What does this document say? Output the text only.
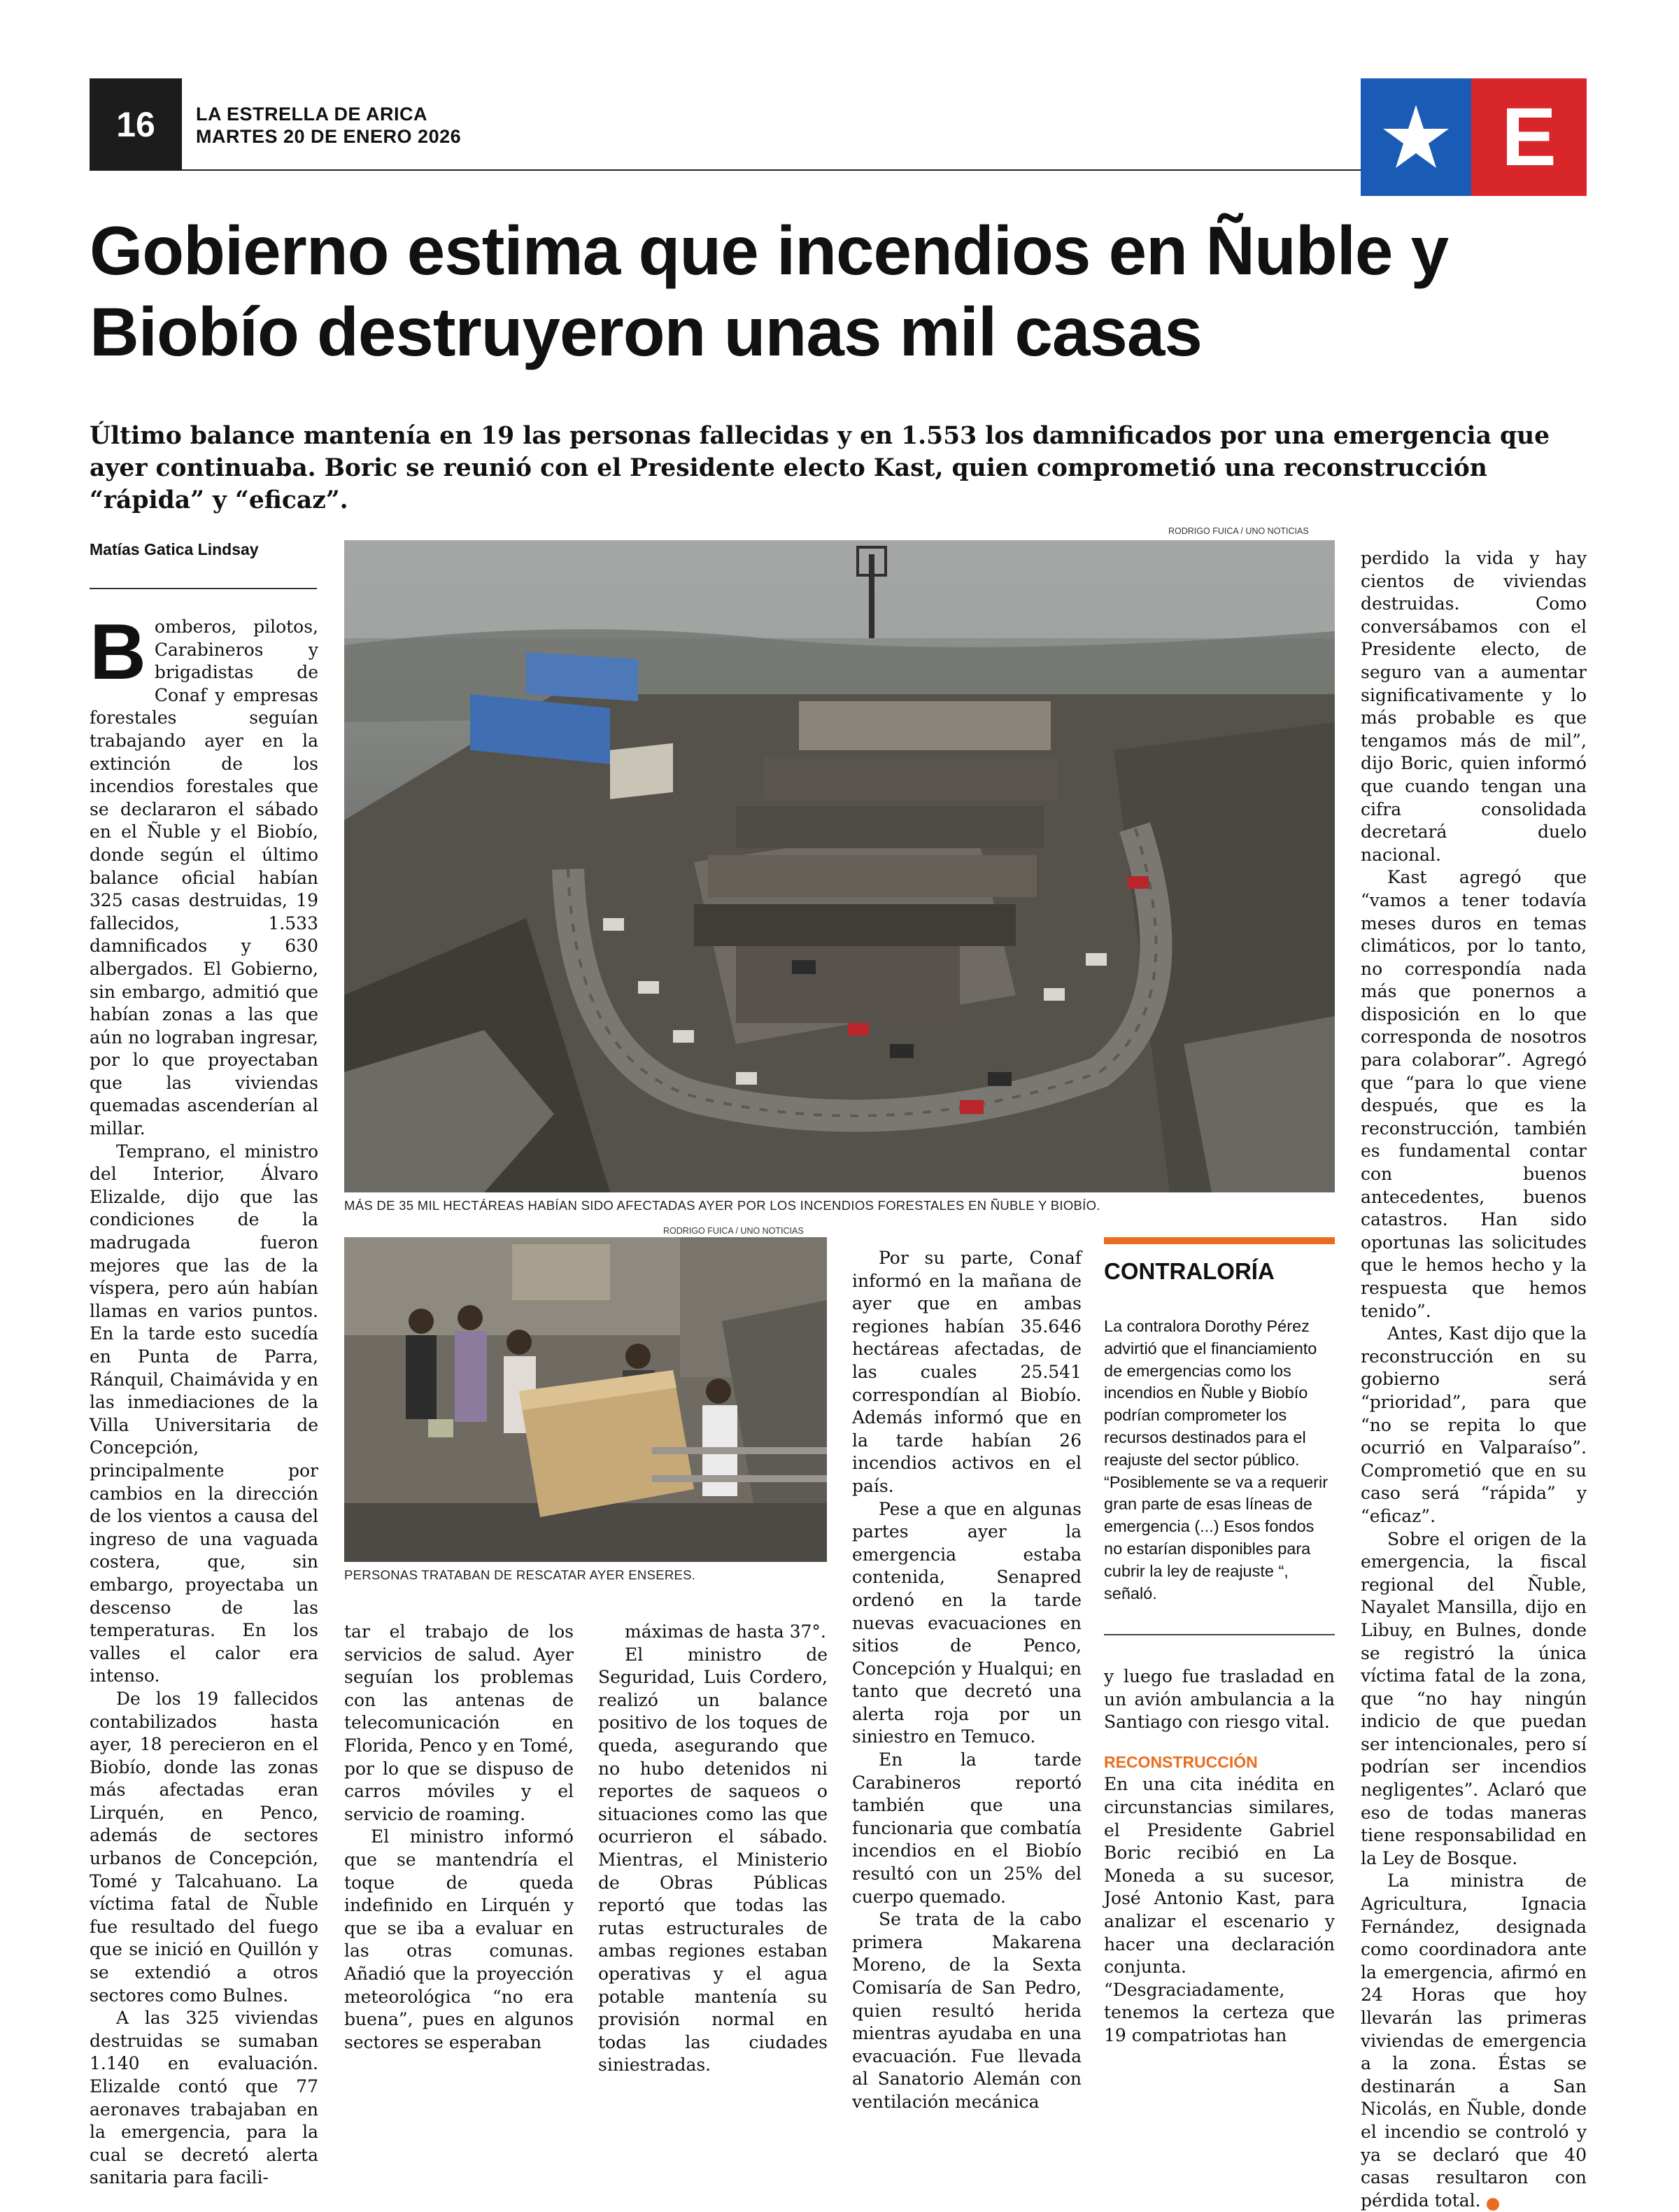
16	LA ESTRELLA DE ARICA
MARTES 20 DE ENERO 2026	E
Gobierno estima que incendios en Ñuble y Biobío destruyeron unas mil casas
Último balance mantenía en 19 las personas fallecidas y en 1.553 los damnificados por una emergencia que ayer continuaba. Boric se reunió con el Presidente electo Kast, quien comprometió una reconstrucción “rápida” y “eficaz”.
Matías Gatica Lindsay
RODRIGO FUICA / UNO NOTICIAS
MÁS DE 35 MIL HECTÁREAS HABÍAN SIDO AFECTADAS AYER POR LOS INCENDIOS FORESTALES EN ÑUBLE Y BIOBÍO.
RODRIGO FUICA / UNO NOTICIAS
PERSONAS TRATABAN DE RESCATAR AYER ENSERES.

Bomberos, pilotos, Carabineros y brigadistas de Conaf y empresas forestales seguían trabajando ayer en la extinción de los incendios forestales que se declararon el sábado en el Ñuble y el Biobío, donde según el último balance oficial habían 325 casas destruidas, 19 fallecidos, 1.533 damnificados y 630 albergados. El Gobierno, sin embargo, admitió que habían zonas a las que aún no lograban ingresar, por lo que proyectaban que las viviendas quemadas ascenderían al millar.

Temprano, el ministro del Interior, Álvaro Elizalde, dijo que las condiciones de la madrugada fueron mejores que las de la víspera, pero aún habían llamas en varios puntos. En la tarde esto sucedía en Punta de Parra, Ránquil, Chaimávida y en las inmediaciones de la Villa Universitaria de Concepción, principalmente por cambios en la dirección de los vientos a causa del ingreso de una vaguada costera, que, sin embargo, proyectaba un descenso de las temperaturas. En los valles el calor era intenso.

De los 19 fallecidos contabilizados hasta ayer, 18 perecieron en el Biobío, donde las zonas más afectadas eran Lirquén, en Penco, además de sectores urbanos de Concepción, Tomé y Talcahuano. La víctima fatal de Ñuble fue resultado del fuego que se inició en Quillón y se extendió a otros sectores como Bulnes.

A las 325 viviendas destruidas se sumaban 1.140 en evaluación. Elizalde contó que 77 aeronaves trabajaban en la emergencia, para la cual se decretó alerta sanitaria para facili-

tar el trabajo de los servicios de salud. Ayer seguían los problemas con las antenas de telecomunicación en Florida, Penco y en Tomé, por lo que se dispuso de carros móviles y el servicio de roaming.

El ministro informó que se mantendría el toque de queda indefinido en Lirquén y que se iba a evaluar en las otras comunas. Añadió que la proyección meteorológica “no era buena”, pues en algunos sectores se esperaban

máximas de hasta 37°.

El ministro de Seguridad, Luis Cordero, realizó un balance positivo de los toques de queda, asegurando que no hubo detenidos ni reportes de saqueos o situaciones como las que ocurrieron el sábado. Mientras, el Ministerio de Obras Públicas reportó que todas las rutas estructurales de ambas regiones estaban operativas y el agua potable mantenía su provisión normal en todas las ciudades siniestradas.

Por su parte, Conaf informó en la mañana de ayer que en ambas regiones habían 35.646 hectáreas afectadas, de las cuales 25.541 correspondían al Biobío. Además informó que en la tarde habían 26 incendios activos en el país.

Pese a que en algunas partes ayer la emergencia estaba contenida, Senapred ordenó en la tarde nuevas evacuaciones en sitios de Penco, Concepción y Hualqui; en tanto que decretó una alerta roja por un siniestro en Temuco.

En la tarde Carabineros reportó también que una funcionaria que combatía incendios en el Biobío resultó con un 25% del cuerpo quemado.

Se trata de la cabo primera Makarena Moreno, de la Sexta Comisaría de San Pedro, quien resultó herida mientras ayudaba en una evacuación. Fue llevada al Sanatorio Alemán con ventilación mecánica

CONTRALORÍA
La contralora Dorothy Pérez advirtió que el financiamiento de emergencias como los incendios en Ñuble y Biobío podrían comprometer los recursos destinados para el reajuste del sector público. “Posiblemente se va a requerir gran parte de esas líneas de emergencia (...) Esos fondos no estarían disponibles para cubrir la ley de reajuste “, señaló.

y luego fue trasladad en un avión ambulancia a la Santiago con riesgo vital.

RECONSTRUCCIÓN

En una cita inédita en circunstancias similares, el Presidente Gabriel Boric recibió en La Moneda a su sucesor, José Antonio Kast, para analizar el escenario y hacer una declaración conjunta. “Desgraciadamente, tenemos la certeza que 19 compatriotas han

perdido la vida y hay cientos de viviendas destruidas. Como conversábamos con el Presidente electo, de seguro van a aumentar significativamente y lo más probable es que tengamos más de mil”, dijo Boric, quien informó que cuando tengan una cifra consolidada decretará duelo nacional.

Kast agregó que “vamos a tener todavía meses duros en temas climáticos, por lo tanto, no correspondía nada más que ponernos a disposición en lo que corresponda de nosotros para colaborar”. Agregó que “para lo que viene después, que es la reconstrucción, también es fundamental contar con buenos antecedentes, buenos catastros. Han sido oportunas las solicitudes que le hemos hecho y la respuesta que hemos tenido”.

Antes, Kast dijo que la reconstrucción en su gobierno será “prioridad”, para que “no se repita lo que ocurrió en Valparaíso”. Comprometió que en su caso será “rápida” y “eficaz”.

Sobre el origen de la emergencia, la fiscal regional del Ñuble, Nayalet Mansilla, dijo en Libuy, en Bulnes, donde se registró la única víctima fatal de la zona, que “no hay ningún indicio de que puedan ser intencionales, pero sí podrían ser incendios negligentes”. Aclaró que eso de todas maneras tiene responsabilidad en la Ley de Bosque.

La ministra de Agricultura, Ignacia Fernández, designada como coordinadora ante la emergencia, afirmó en 24 Horas que hoy llevarán las primeras viviendas de emergencia a la zona. Éstas se destinarán a San Nicolás, en Ñuble, donde el incendio se controló y ya se declaró que 40 casas resultaron con pérdida total.	✦
